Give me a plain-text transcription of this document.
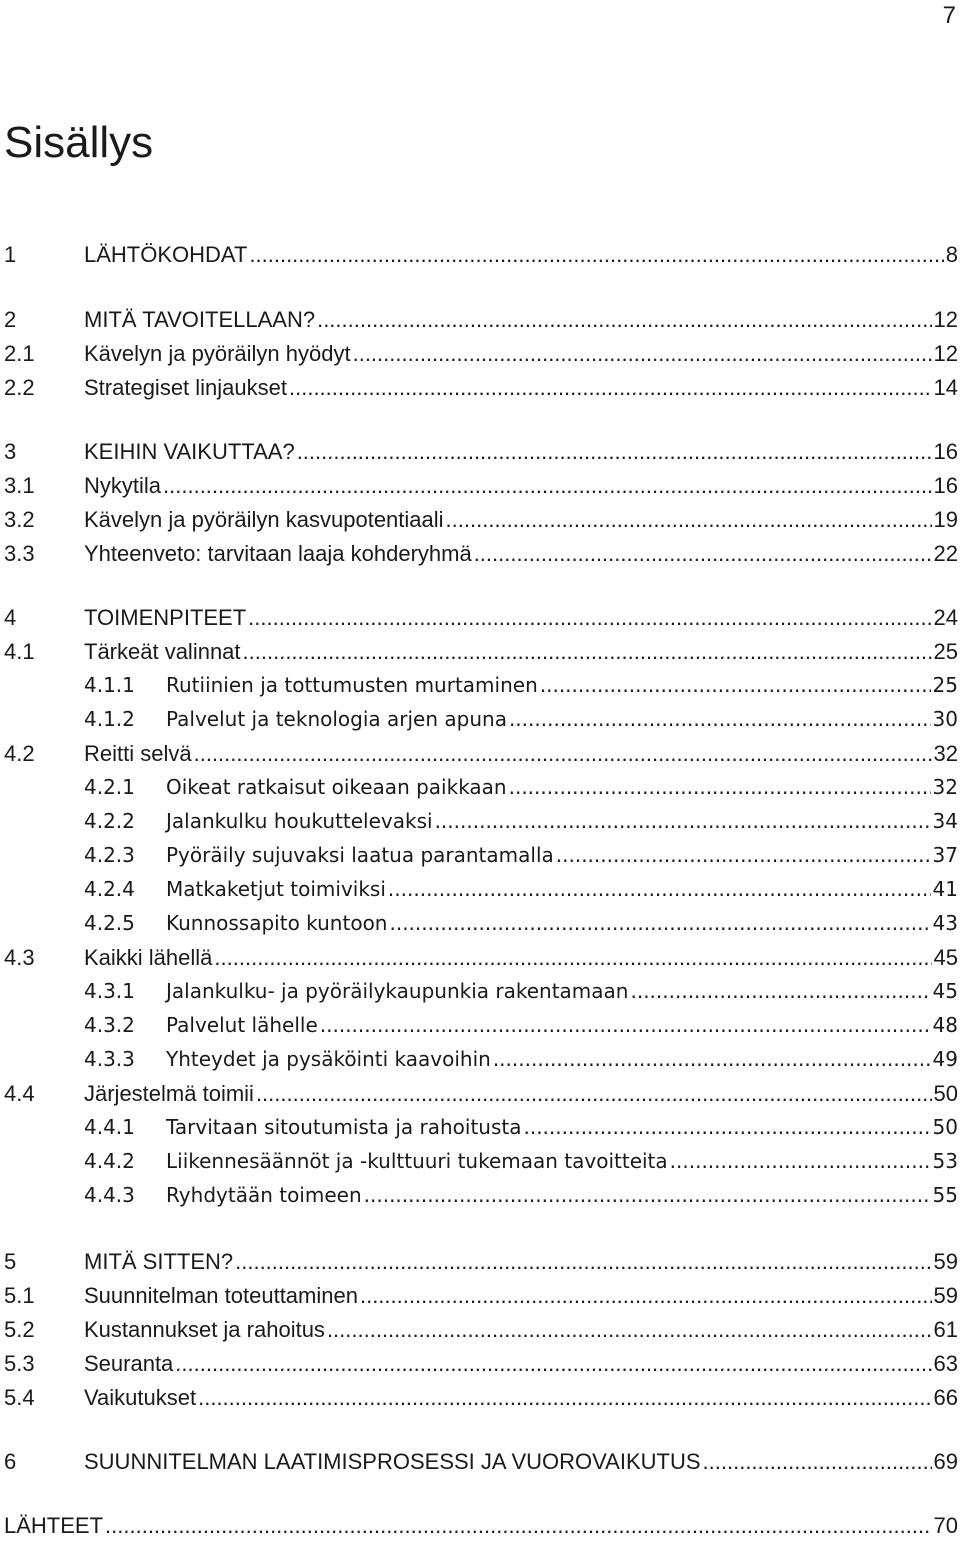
7
Sisällys
1	LÄHTÖKOHDAT .....	8
2	MITÄ TAVOITELLAAN? .....	12
2.1	Kävelyn ja pyöräilyn hyödyt .....	12
2.2	Strategiset linjaukset .....	14
3	KEIHIN VAIKUTTAA? .....	16
3.1	Nykytila .....	16
3.2	Kävelyn ja pyöräilyn kasvupotentiaali .....	19
3.3	Yhteenveto: tarvitaan laaja kohderyhmä .....	22
4	TOIMENPITEET .....	24
4.1	Tärkeät valinnat .....	25
4.1.1	Rutiinien ja tottumusten murtaminen .....	25
4.1.2	Palvelut ja teknologia arjen apuna .....	30
4.2	Reitti selvä .....	32
4.2.1	Oikeat ratkaisut oikeaan paikkaan .....	32
4.2.2	Jalankulku houkuttelevaksi .....	34
4.2.3	Pyöräily sujuvaksi laatua parantamalla .....	37
4.2.4	Matkaketjut toimiviksi .....	41
4.2.5	Kunnossapito kuntoon .....	43
4.3	Kaikki lähellä .....	45
4.3.1	Jalankulku- ja pyöräilykaupunkia rakentamaan .....	45
4.3.2	Palvelut lähelle .....	48
4.3.3	Yhteydet ja pysäköinti kaavoihin .....	49
4.4	Järjestelmä toimii .....	50
4.4.1	Tarvitaan sitoutumista ja rahoitusta .....	50
4.4.2	Liikennesäännöt ja -kulttuuri tukemaan tavoitteita .....	53
4.4.3	Ryhdytään toimeen .....	55
5	MITÄ SITTEN? .....	59
5.1	Suunnitelman toteuttaminen .....	59
5.2	Kustannukset ja rahoitus .....	61
5.3	Seuranta .....	63
5.4	Vaikutukset .....	66
6	SUUNNITELMAN LAATIMISPROSESSI JA VUOROVAIKUTUS .....	69
LÄHTEET .....	70
